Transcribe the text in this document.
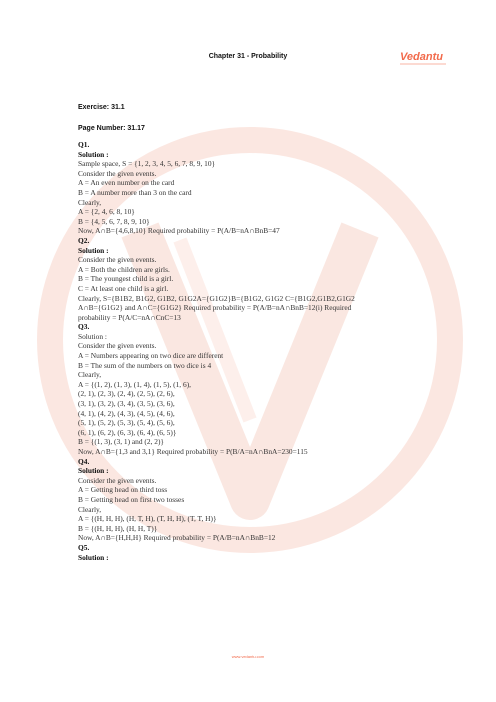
Chapter 31 - Probability	Vedantu
Exercise: 31.1
Page Number: 31.17
Q1.
Solution :
Sample space, S = {1, 2, 3, 4, 5, 6, 7, 8, 9, 10}
Consider the given events.
A = An even number on the card
B = A number more than 3 on the card
Clearly,
A = {2, 4, 6, 8, 10}
B = {4, 5, 6, 7, 8, 9, 10}
Now, A∩B={4,6,8,10} Required probability = P(A/B=nA∩BnB=47
Q2.
Solution :
Consider the given events.
A = Both the children are girls.
B = The youngest child is a girl.
C = At least one child is a girl.
Clearly, S={B1B2, B1G2, G1B2, G1G2A={G1G2}B={B1G2, G1G2 C={B1G2,G1B2,G1G2
A∩B={G1G2} and A∩C={G1G2} Required probability = P(A/B=nA∩BnB=12(i) Required
probability = P(A/C=nA∩CnC=13
Q3.
Solution :
Consider the given events.
A = Numbers appearing on two dice are different
B = The sum of the numbers on two dice is 4
Clearly,
A = {(1, 2), (1, 3), (1, 4), (1, 5), (1, 6),
(2, 1), (2, 3), (2, 4), (2, 5), (2, 6),
(3, 1), (3, 2), (3, 4), (3, 5), (3, 6),
(4, 1), (4, 2), (4, 3), (4, 5), (4, 6),
(5, 1), (5, 2), (5, 3), (5, 4), (5, 6),
(6, 1), (6, 2), (6, 3), (6, 4), (6, 5)}
B = {(1, 3), (3, 1) and (2, 2)}
Now, A∩B={1,3 and 3,1} Required probability = P(B/A=nA∩BnA=230=115
Q4.
Solution :
Consider the given events.
A = Getting head on third toss
B = Getting head on first two tosses
Clearly,
A = {(H, H, H), (H, T, H), (T, H, H), (T, T, H)}
B = {(H, H, H), (H, H, T)}
Now, A∩B={H,H,H} Required probability = P(A/B=nA∩BnB=12
Q5.
Solution :
www.vedantu.com
